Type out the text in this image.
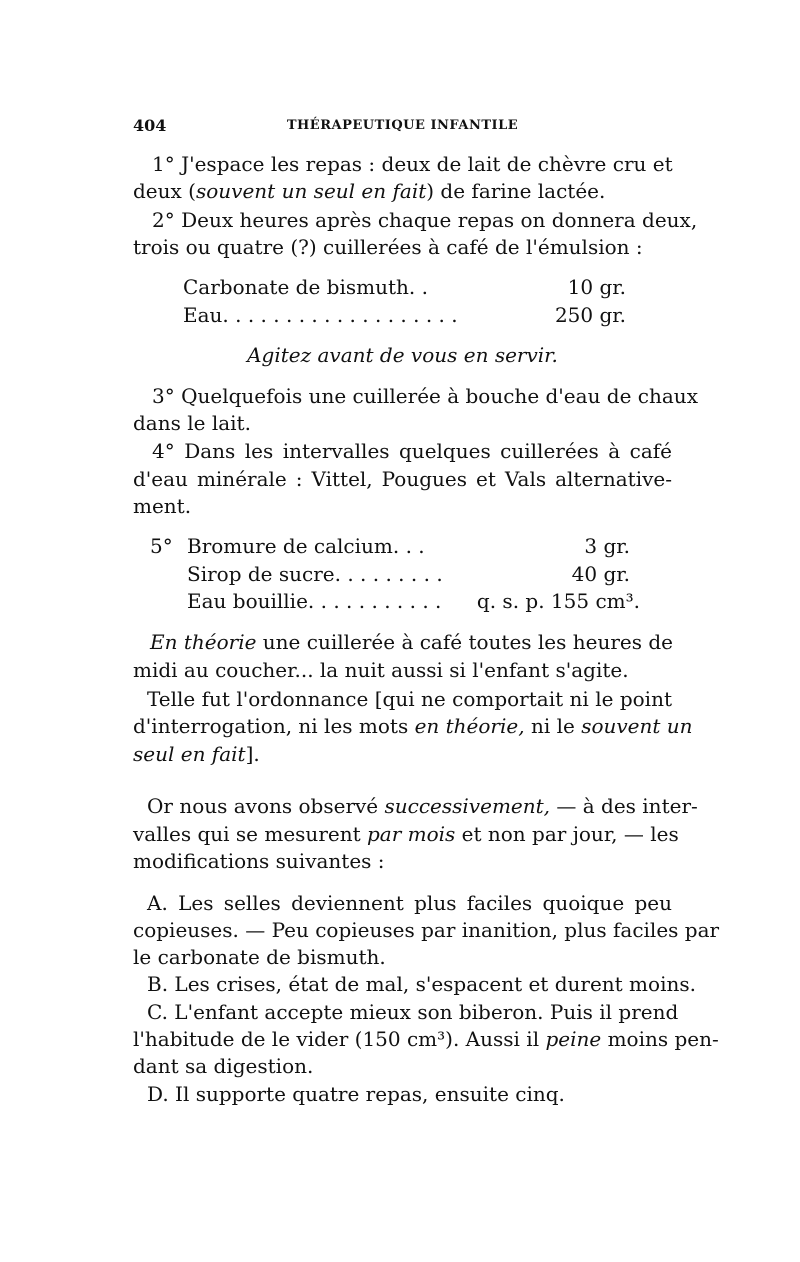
404	THÉRAPEUTIQUE INFANTILE
1° J'espace les repas : deux de lait de chèvre cru et
deux (souvent un seul en fait) de farine lactée.
2° Deux heures après chaque repas on donnera deux,
trois ou quatre (?) cuillerées à café de l'émulsion :
Carbonate de bismuth. .	10 gr.
Eau. . . . . . . . . . . . . . . . . . .	250 gr.
Agitez avant de vous en servir.
3° Quelquefois une cuillerée à bouche d'eau de chaux
dans le lait.
4° Dans les intervalles quelques cuillerées à café
d'eau minérale : Vittel, Pougues et Vals alternative-
ment.
5° Bromure de calcium. . .	3 gr.
Sirop de sucre. . . . . . . . .	40 gr.
Eau bouillie. . . . . . . . . . .	q. s. p. 155 cm³.
En théorie une cuillerée à café toutes les heures de
midi au coucher... la nuit aussi si l'enfant s'agite.
Telle fut l'ordonnance [qui ne comportait ni le point
d'interrogation, ni les mots en théorie, ni le souvent un
seul en fait].
Or nous avons observé successivement, — à des inter-
valles qui se mesurent par mois et non par jour, — les
modifications suivantes :
A. Les selles deviennent plus faciles quoique peu
copieuses. — Peu copieuses par inanition, plus faciles par
le carbonate de bismuth.
B. Les crises, état de mal, s'espacent et durent moins.
C. L'enfant accepte mieux son biberon. Puis il prend
l'habitude de le vider (150 cm³). Aussi il peine moins pen-
dant sa digestion.
D. Il supporte quatre repas, ensuite cinq.
